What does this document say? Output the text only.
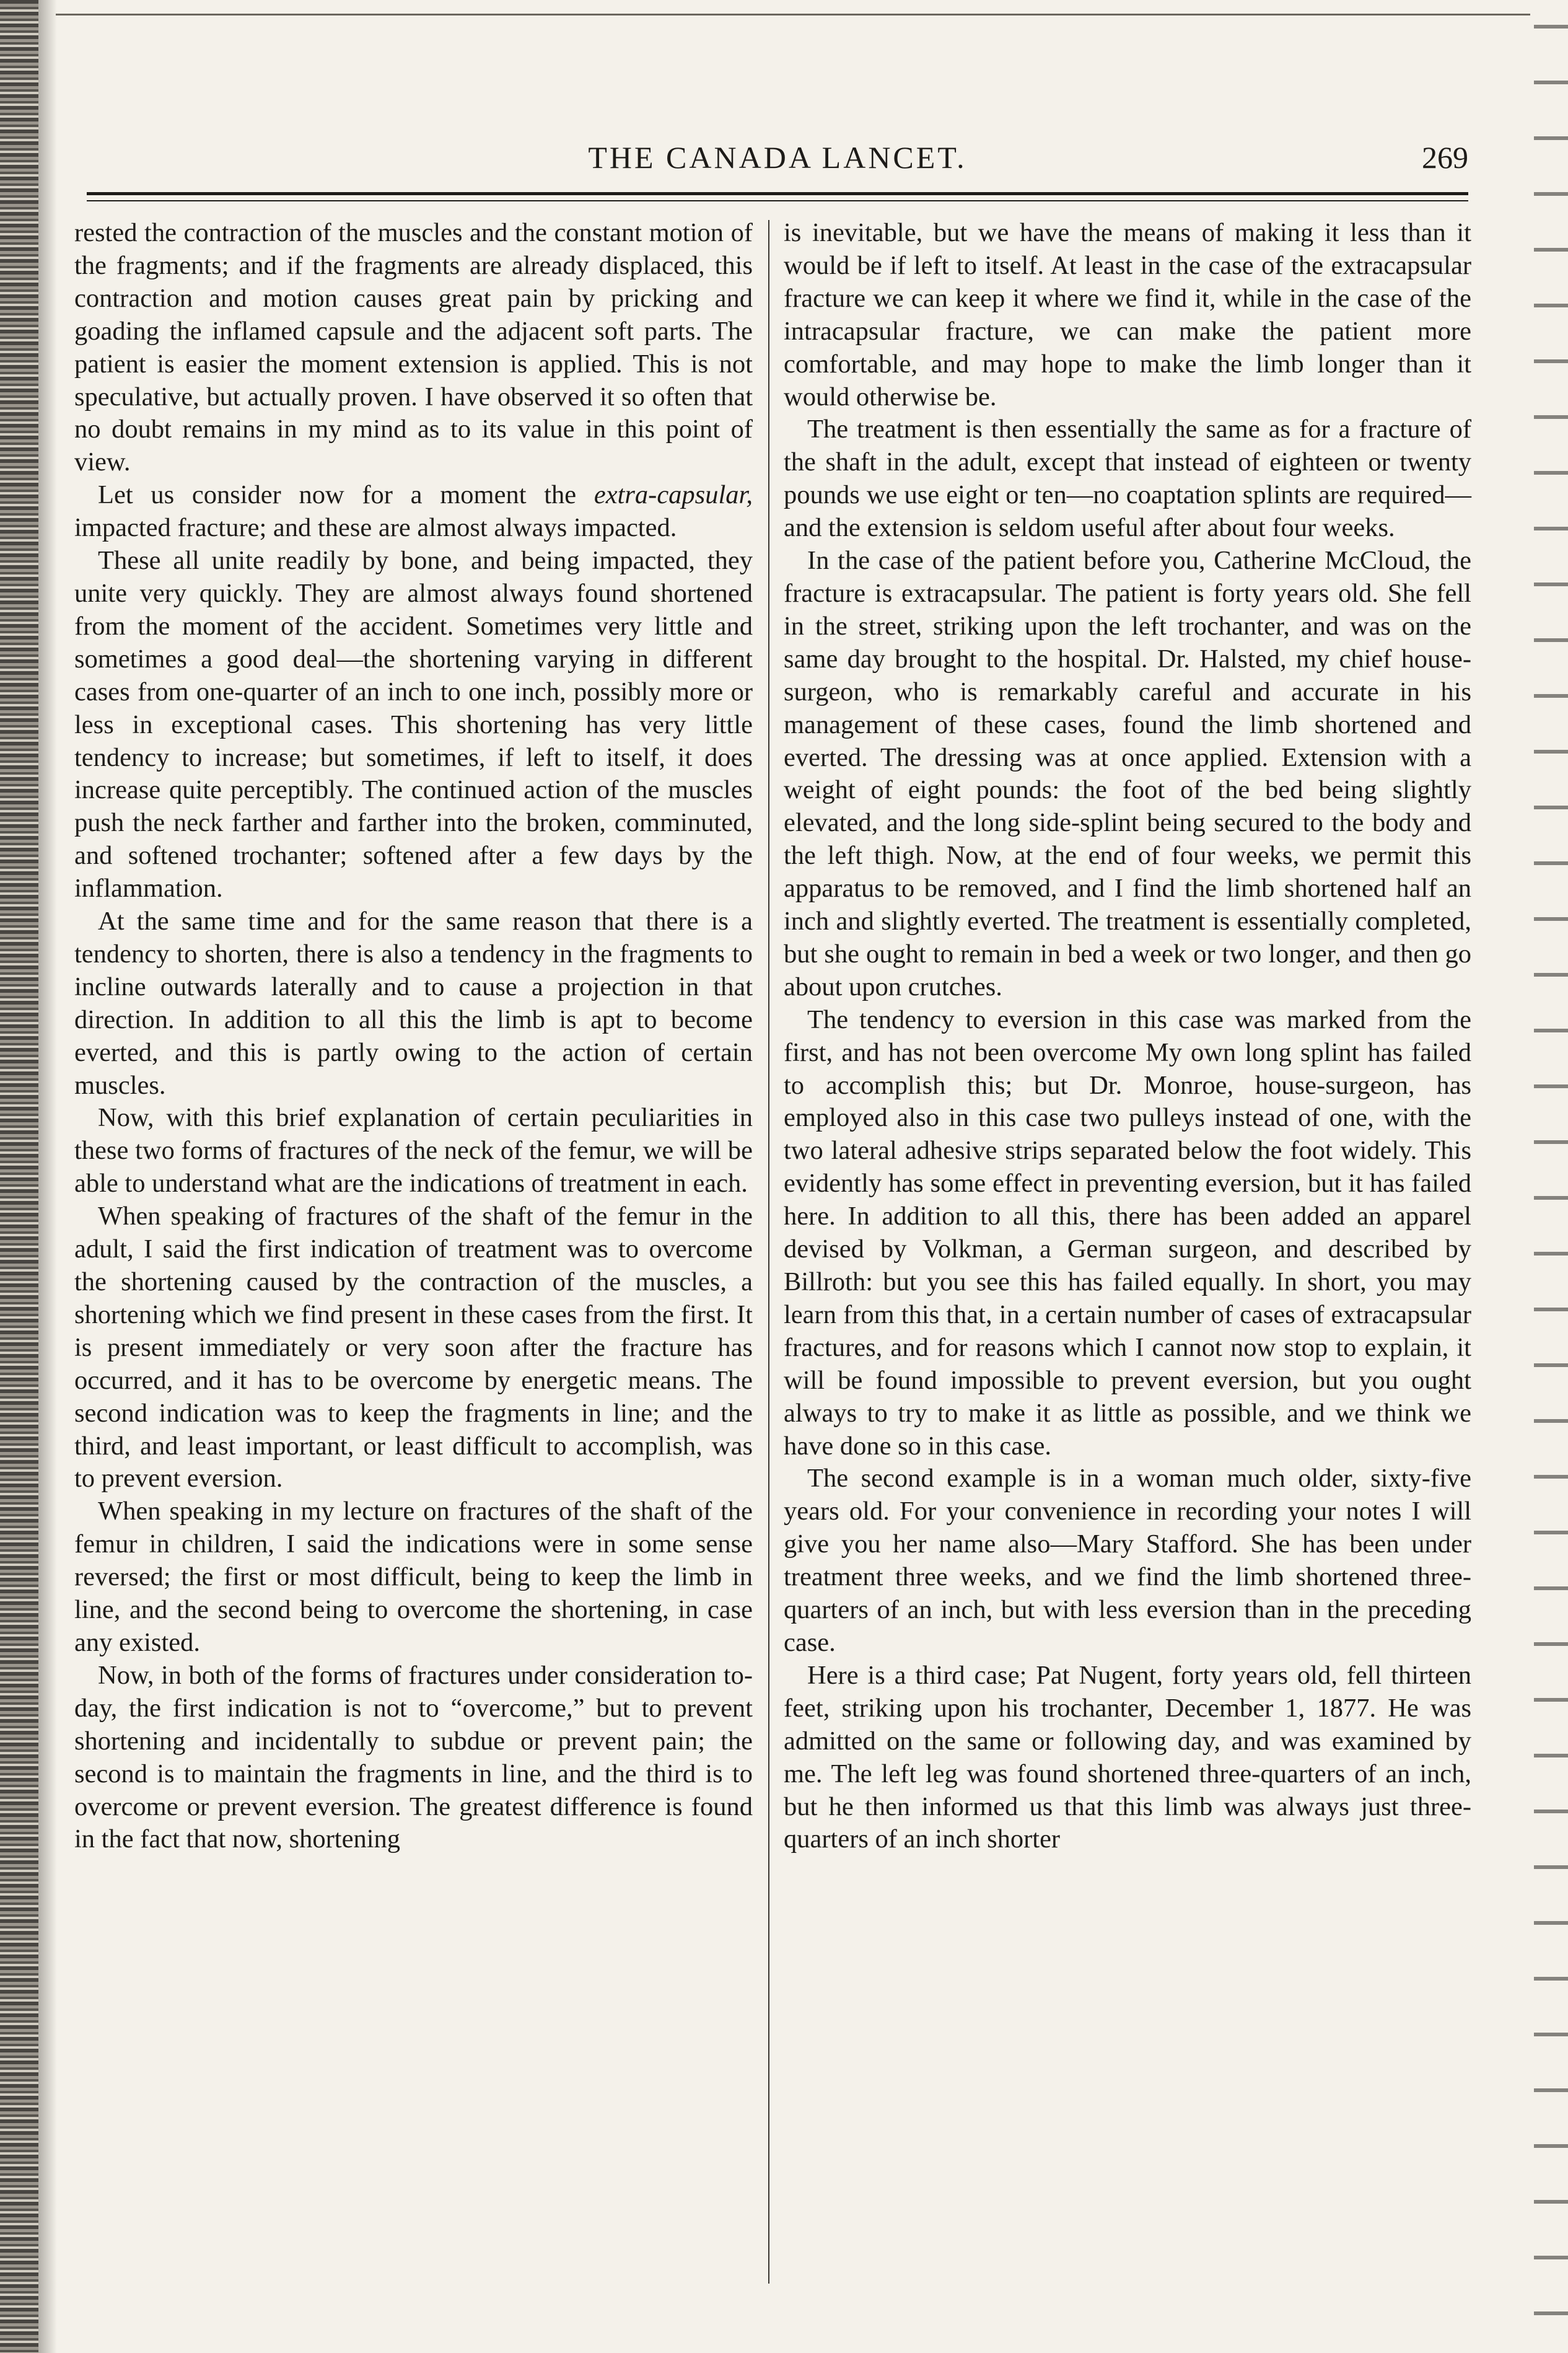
THE CANADA LANCET.	269

rested the contraction of the muscles and the constant motion of the fragments; and if the fragments are already displaced, this contraction and motion causes great pain by pricking and goading the inflamed capsule and the adjacent soft parts. The patient is easier the moment extension is applied. This is not speculative, but actually proven. I have observed it so often that no doubt remains in my mind as to its value in this point of view.

Let us consider now for a moment the extra-capsular, impacted fracture; and these are almost always impacted.

These all unite readily by bone, and being impacted, they unite very quickly. They are almost always found shortened from the moment of the accident. Sometimes very little and sometimes a good deal—the shortening varying in different cases from one-quarter of an inch to one inch, possibly more or less in exceptional cases. This shortening has very little tendency to increase; but sometimes, if left to itself, it does increase quite perceptibly. The continued action of the muscles push the neck farther and farther into the broken, comminuted, and softened trochanter; softened after a few days by the inflammation.

At the same time and for the same reason that there is a tendency to shorten, there is also a tendency in the fragments to incline outwards laterally and to cause a projection in that direction. In addition to all this the limb is apt to become everted, and this is partly owing to the action of certain muscles.

Now, with this brief explanation of certain peculiarities in these two forms of fractures of the neck of the femur, we will be able to understand what are the indications of treatment in each.

When speaking of fractures of the shaft of the femur in the adult, I said the first indication of treatment was to overcome the shortening caused by the contraction of the muscles, a shortening which we find present in these cases from the first. It is present immediately or very soon after the fracture has occurred, and it has to be overcome by energetic means. The second indication was to keep the fragments in line; and the third, and least important, or least difficult to accomplish, was to prevent eversion.

When speaking in my lecture on fractures of the shaft of the femur in children, I said the indications were in some sense reversed; the first or most difficult, being to keep the limb in line, and the second being to overcome the shortening, in case any existed.

Now, in both of the forms of fractures under consideration to-day, the first indication is not to “overcome,” but to prevent shortening and incidentally to subdue or prevent pain; the second is to maintain the fragments in line, and the third is to overcome or prevent eversion. The greatest difference is found in the fact that now, shortening

is inevitable, but we have the means of making it less than it would be if left to itself. At least in the case of the extracapsular fracture we can keep it where we find it, while in the case of the intracapsular fracture, we can make the patient more comfortable, and may hope to make the limb longer than it would otherwise be.

The treatment is then essentially the same as for a fracture of the shaft in the adult, except that instead of eighteen or twenty pounds we use eight or ten—no coaptation splints are required—and the extension is seldom useful after about four weeks.

In the case of the patient before you, Catherine McCloud, the fracture is extracapsular. The patient is forty years old. She fell in the street, striking upon the left trochanter, and was on the same day brought to the hospital. Dr. Halsted, my chief house-surgeon, who is remarkably careful and accurate in his management of these cases, found the limb shortened and everted. The dressing was at once applied. Extension with a weight of eight pounds: the foot of the bed being slightly elevated, and the long side-splint being secured to the body and the left thigh. Now, at the end of four weeks, we permit this apparatus to be removed, and I find the limb shortened half an inch and slightly everted. The treatment is essentially completed, but she ought to remain in bed a week or two longer, and then go about upon crutches.

The tendency to eversion in this case was marked from the first, and has not been overcome My own long splint has failed to accomplish this; but Dr. Monroe, house-surgeon, has employed also in this case two pulleys instead of one, with the two lateral adhesive strips separated below the foot widely. This evidently has some effect in preventing eversion, but it has failed here. In addition to all this, there has been added an apparel devised by Volkman, a German surgeon, and described by Billroth: but you see this has failed equally. In short, you may learn from this that, in a certain number of cases of extracapsular fractures, and for reasons which I cannot now stop to explain, it will be found impossible to prevent eversion, but you ought always to try to make it as little as possible, and we think we have done so in this case.

The second example is in a woman much older, sixty-five years old. For your convenience in recording your notes I will give you her name also—Mary Stafford. She has been under treatment three weeks, and we find the limb shortened three-quarters of an inch, but with less eversion than in the preceding case.

Here is a third case; Pat Nugent, forty years old, fell thirteen feet, striking upon his trochanter, December 1, 1877. He was admitted on the same or following day, and was examined by me. The left leg was found shortened three-quarters of an inch, but he then informed us that this limb was always just three-quarters of an inch shorter
